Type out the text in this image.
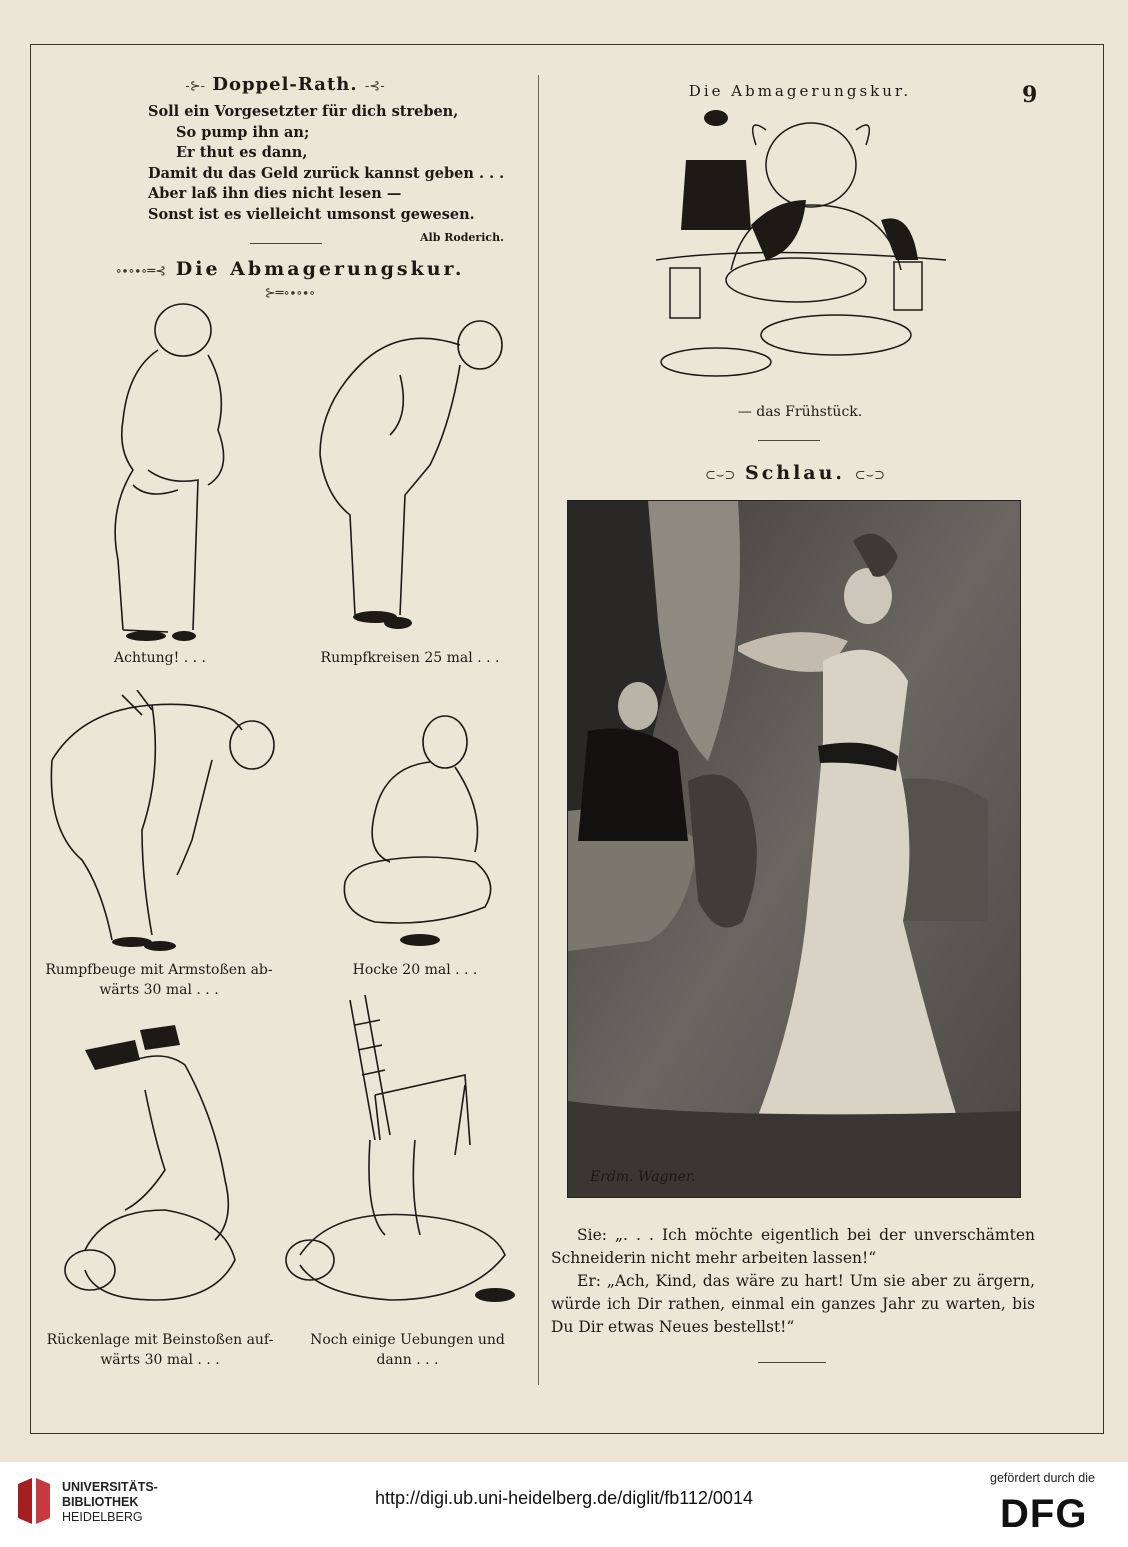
9
-⊱- Doppel-Rath. -⊰-
Soll ein Vorgesetzter für dich streben,
So pump ihn an;
Er thut es dann,
Damit du das Geld zurück kannst geben . . .
Aber laß ihn dies nicht lesen —
Sonst ist es vielleicht umsonst gewesen.
Alb Roderich.
∘∙∘∙∘═⊰ Die Abmagerungskur. ⊱═∘∙∘∙∘
Achtung! . . .	Rumpfkreisen 25 mal . . .
Rumpfbeuge mit Armstoßen ab-
wärts 30 mal . . .
Hocke 20 mal . . .
Rückenlage mit Beinstoßen auf-
wärts 30 mal . . .
Noch einige Uebungen und
dann . . .
Die Abmagerungskur.
— das Frühstück.
⊂⌣⊃ Schlau. ⊂⌣⊃
Erdm. Wagner.

Sie: „. . . Ich möchte eigentlich bei der unverschämten Schneiderin nicht mehr arbeiten lassen!“

Er: „Ach, Kind, das wäre zu hart! Um sie aber zu ärgern, würde ich Dir rathen, einmal ein ganzes Jahr zu warten, bis Du Dir etwas Neues bestellst!“

UNIVERSITÄTS-
BIBLIOTHEK
HEIDELBERG
http://digi.ub.uni-heidelberg.de/diglit/fb112/0014
gefördert durch die
DFG
